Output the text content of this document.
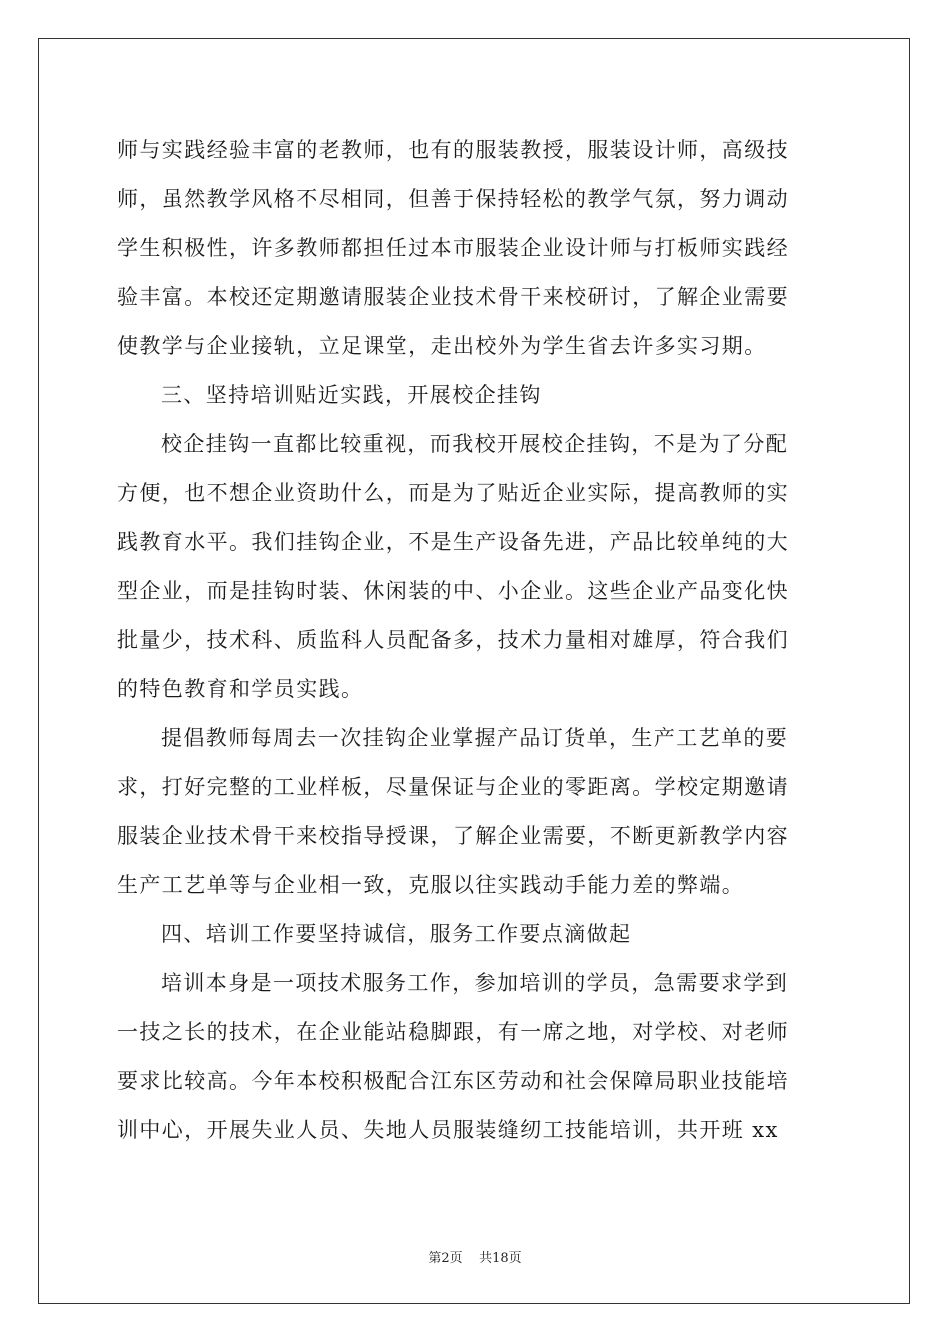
师与实践经验丰富的老教师，也有的服装教授，服装设计师，高级技
师，虽然教学风格不尽相同，但善于保持轻松的教学气氛，努力调动
学生积极性，许多教师都担任过本市服装企业设计师与打板师实践经
验丰富。本校还定期邀请服装企业技术骨干来校研讨，了解企业需要
使教学与企业接轨，立足课堂，走出校外为学生省去许多实习期。
三、坚持培训贴近实践，开展校企挂钩
校企挂钩一直都比较重视，而我校开展校企挂钩，不是为了分配
方便，也不想企业资助什么，而是为了贴近企业实际，提高教师的实
践教育水平。我们挂钩企业，不是生产设备先进，产品比较单纯的大
型企业，而是挂钩时装、休闲装的中、小企业。这些企业产品变化快
批量少，技术科、质监科人员配备多，技术力量相对雄厚，符合我们
的特色教育和学员实践。
提倡教师每周去一次挂钩企业掌握产品订货单，生产工艺单的要
求，打好完整的工业样板，尽量保证与企业的零距离。学校定期邀请
服装企业技术骨干来校指导授课，了解企业需要，不断更新教学内容
生产工艺单等与企业相一致，克服以往实践动手能力差的弊端。
四、培训工作要坚持诚信，服务工作要点滴做起
培训本身是一项技术服务工作，参加培训的学员，急需要求学到
一技之长的技术，在企业能站稳脚跟，有一席之地，对学校、对老师
要求比较高。今年本校积极配合江东区劳动和社会保障局职业技能培
训中心，开展失业人员、失地人员服装缝纫工技能培训，共开班 xx
第2页    共18页
